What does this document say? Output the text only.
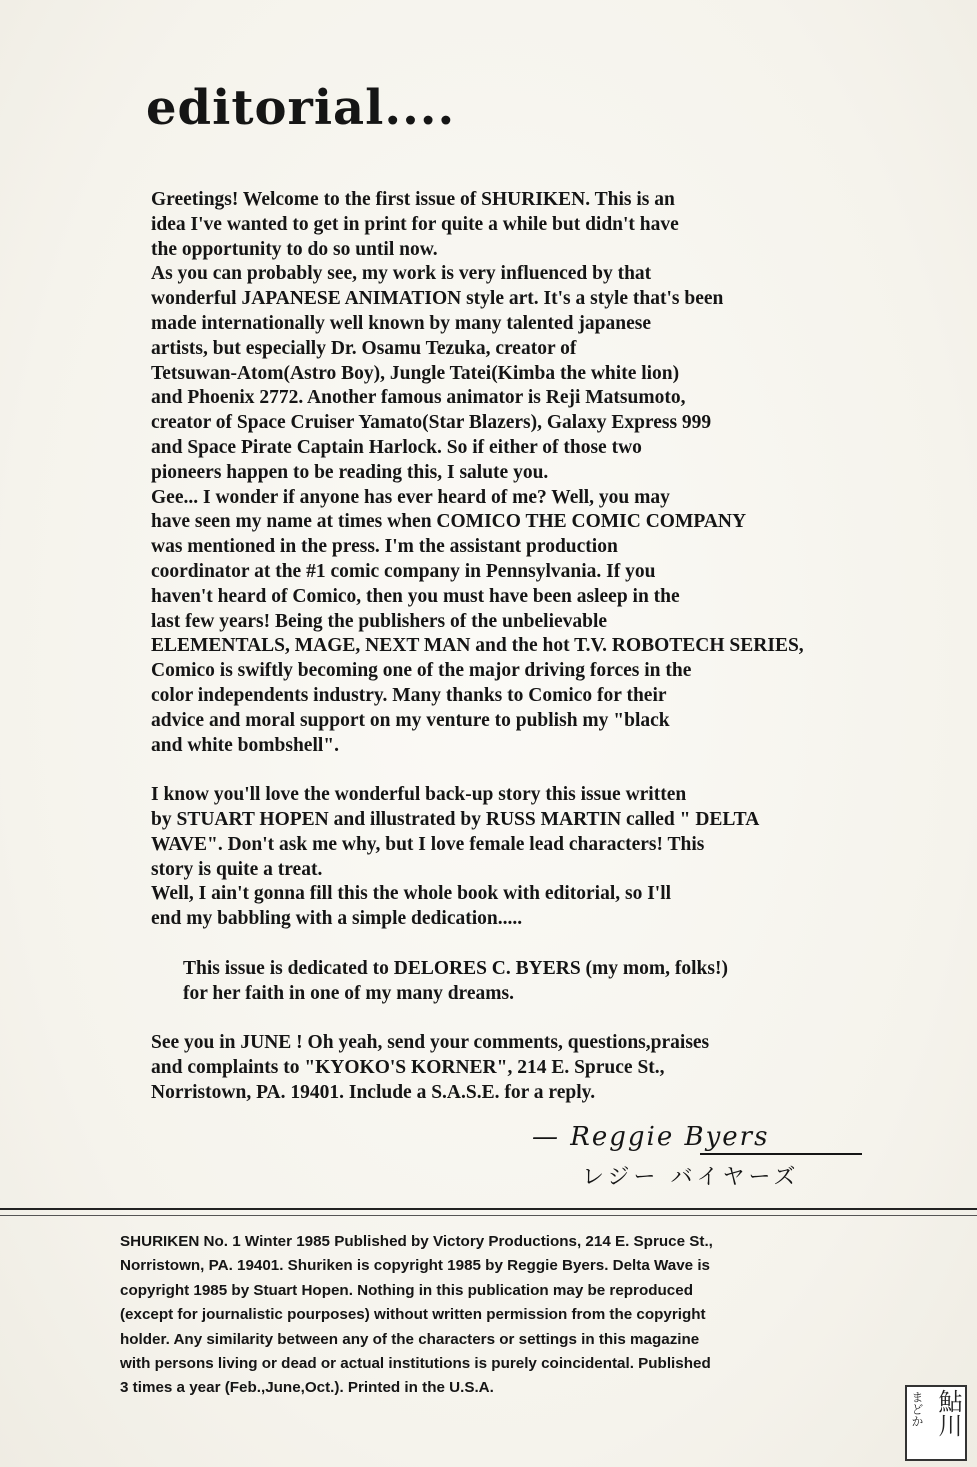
editorial....

Greetings! Welcome to the first issue of SHURIKEN. This is an

idea I've wanted to get in print for quite a while but didn't have

the opportunity to do so until now.

As you can probably see, my work is very influenced by that

wonderful JAPANESE ANIMATION style art. It's a style that's been

made internationally well known by many talented japanese

artists, but especially Dr. Osamu Tezuka, creator of

Tetsuwan-Atom(Astro Boy), Jungle Tatei(Kimba the white lion)

and Phoenix 2772. Another famous animator is Reji Matsumoto,

creator of Space Cruiser Yamato(Star Blazers), Galaxy Express 999

and Space Pirate Captain Harlock. So if either of those two

pioneers happen to be reading this, I salute you.

Gee... I wonder if anyone has ever heard of me? Well, you may

have seen my name at times when COMICO THE COMIC COMPANY

was mentioned in the press. I'm the assistant production

coordinator at the #1 comic company in Pennsylvania. If you

haven't heard of Comico, then you must have been asleep in the

last few years! Being the publishers of the unbelievable

ELEMENTALS, MAGE, NEXT MAN and the hot T.V. ROBOTECH SERIES,

Comico is swiftly becoming one of the major driving forces in the

color independents industry. Many thanks to Comico for their

advice and moral support on my venture to publish my "black

and white bombshell".

I know you'll love the wonderful back-up story this issue written

by STUART HOPEN and illustrated by RUSS MARTIN called " DELTA

WAVE". Don't ask me why, but I love female lead characters! This

story is quite a treat.

Well, I ain't gonna fill this the whole book with editorial, so I'll

end my babbling with a simple dedication.....

This issue is dedicated to DELORES C. BYERS (my mom, folks!)

for her faith in one of my many dreams.

See you in JUNE ! Oh yeah, send your comments, questions,praises

and complaints to "KYOKO'S KORNER", 214 E. Spruce St.,

Norristown, PA. 19401. Include a S.A.S.E. for a reply.

— Reggie Byers
レジー バイヤーズ

SHURIKEN No. 1 Winter 1985 Published by Victory Productions, 214 E. Spruce St.,

Norristown, PA. 19401. Shuriken is copyright 1985 by Reggie Byers. Delta Wave is

copyright 1985 by Stuart Hopen. Nothing in this publication may be reproduced

(except for journalistic pourposes) without written permission from the copyright

holder. Any similarity between any of the characters or settings in this magazine

with persons living or dead or actual institutions is purely coincidental. Published

3 times a year (Feb.,June,Oct.). Printed in the U.S.A.

鮎川
まどか
